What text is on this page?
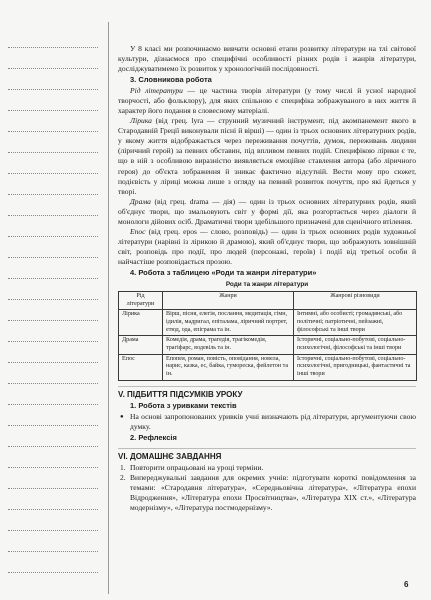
У 8 класі ми розпочинаємо вивчати основні етапи розвитку літератури на тлі світової культури, дізнаємося про специфічні особливості різних родів і жанрів літератури, досліджуватимемо їх розвиток у хронологічній послідовності.

3. Словникова робота

Рід літератури — це частина творів літератури (у тому числі й усної народної творчості, або фольклору), для яких спільною є специфіка зображуваного в них життя й характер його подання в словесному матеріалі.

Лірика (від грец. lyra — струнний музичний інструмент, під акомпанемент якого в Стародавній Греції виконували пісні й вірші) — один із трьох основних літературних родів, у якому життя відображається через переживання почуттів, думок, переживань людини (ліричний герой) за певних обставин, під впливом певних подій. Специфікою лірики є те, що в ній з особливою виразністю виявляється емоційне ставлення автора (або ліричного героя) до об'єкта зображення й зникає фактично відсутній. Вести мову про сюжет, подієвість у ліриці можна лише з огляду на певний розвиток почуття, про які йдеться у творі.

Драма (від грец. drama — дія) — один із трьох основних літературних родів, який об'єднує твори, що змальовують світ у формі дії, яка розгортається через діалоги й монологи дійових осіб. Драматичні твори здебільшого призначені для сценічного втілення.

Епос (від грец. epos — слово, розповідь) — один із трьох основних родів художньої літератури (нарівні із лірикою й драмою), який об'єднує твори, що зображують зовнішній світ, розповідь про події, про людей (персонажі, героїв) і події від третьої особи й найчастіше розповідається прозою.

4. Робота з таблицею «Роди та жанри літератури»
Роди та жанри літератури
Рід літератури	Жанри	Жанрові різновиди
Лірика	Вірш, пісня, елегія, послання, медитація, гімн, ідилія, мадригал, епіталама, ліричний портрет, етюд, ода, епіграма та ін.	Інтимні, або особисті; громадянські, або політичні; патріотичні, пейзажні, філософські та інші твори
Драма	Комедія, драма, трагедія, трагікомедія, трагіфарс, водевіль та ін.	Історичні, соціально-побутові, соціально-психологічні, філософські та інші твори
Епос	Епопея, роман, повість, оповідання, новела, нарис, казка, ес, байка, гумореска, фейлетон та ін.	Історичні, соціально-побутові, соціально-психологічні, пригодницькі, фантастичні та інші твори
V. ПІДБИТТЯ ПІДСУМКІВ УРОКУ
1. Робота з уривками текстів
● На основі запропонованих уривків учні визначають рід літератури, аргументуючи свою думку.
2. Рефлексія
VI. ДОМАШНЄ ЗАВДАННЯ
1. Повторити опрацьовані на уроці терміни.
2. Випереджувальні завдання для окремих учнів: підготувати короткі повідомлення за темами: «Стародавня література», «Середньовічна література», «Література епохи Відродження», «Література епохи Просвітництва», «Література XIX ст.», «Література модернізму», «Література постмодернізму».
6
